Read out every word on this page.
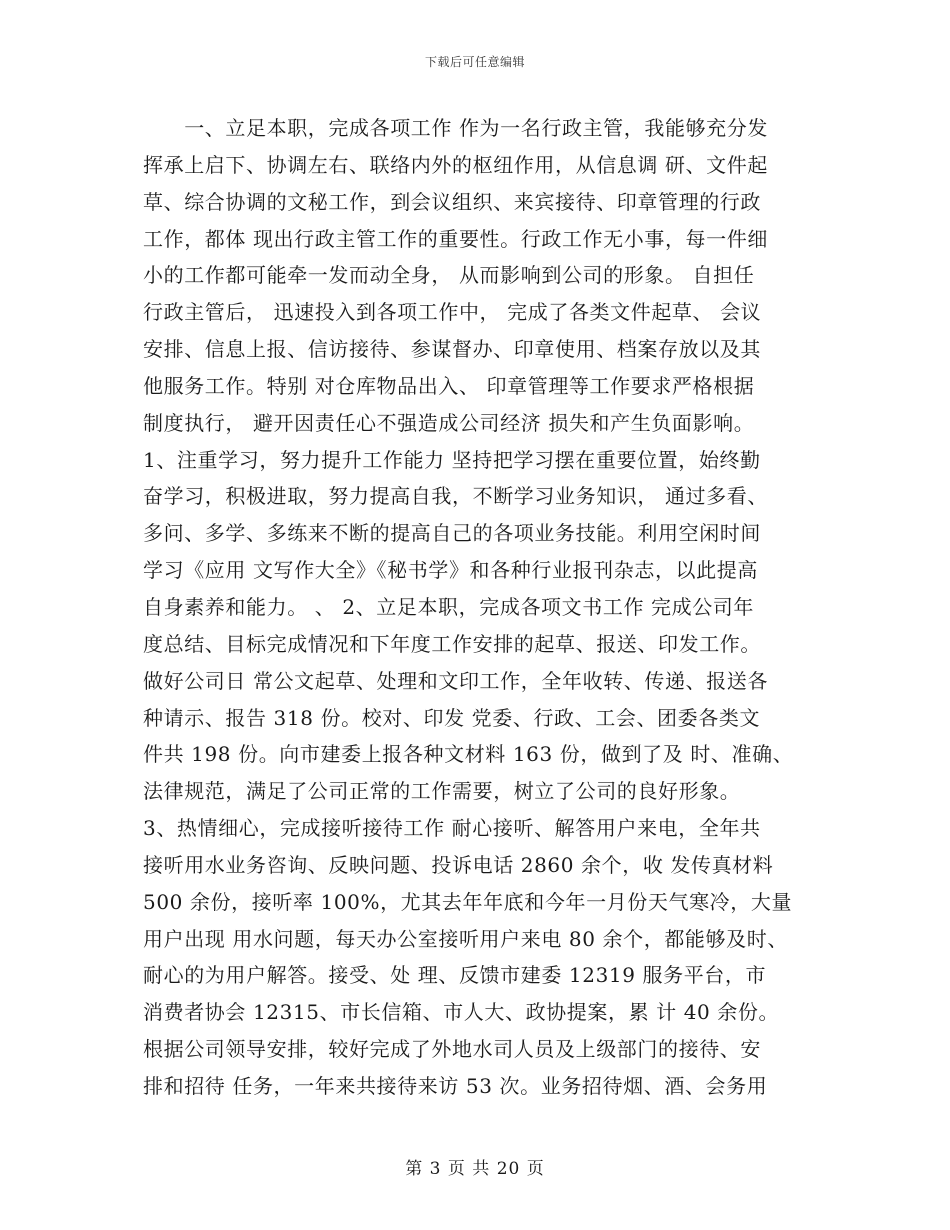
下载后可任意编辑
　　一、立足本职，完成各项工作 作为一名行政主管，我能够充分发
挥承上启下、协调左右、联络内外的枢纽作用，从信息调 研、文件起
草、综合协调的文秘工作，到会议组织、来宾接待、印章管理的行政
工作，都体 现出行政主管工作的重要性。行政工作无小事，每一件细
小的工作都可能牵一发而动全身， 从而影响到公司的形象。 自担任
行政主管后， 迅速投入到各项工作中， 完成了各类文件起草、 会议
安排、信息上报、信访接待、参谋督办、印章使用、档案存放以及其
他服务工作。特别 对仓库物品出入、 印章管理等工作要求严格根据
制度执行， 避开因责任心不强造成公司经济 损失和产生负面影响。
1、注重学习，努力提升工作能力 坚持把学习摆在重要位置，始终勤
奋学习，积极进取，努力提高自我，不断学习业务知识， 通过多看、
多问、多学、多练来不断的提高自己的各项业务技能。利用空闲时间
学习《应用 文写作大全》《秘书学》和各种行业报刊杂志，以此提高
自身素养和能力。 、 2、立足本职，完成各项文书工作 完成公司年
度总结、目标完成情况和下年度工作安排的起草、报送、印发工作。
做好公司日 常公文起草、处理和文印工作，全年收转、传递、报送各
种请示、报告 318 份。校对、印发 党委、行政、工会、团委各类文
件共 198 份。向市建委上报各种文材料 163 份，做到了及 时、准确、
法律规范，满足了公司正常的工作需要，树立了公司的良好形象。
3、热情细心，完成接听接待工作 耐心接听、解答用户来电，全年共
接听用水业务咨询、反映问题、投诉电话 2860 余个，收 发传真材料
500 余份，接听率 100%，尤其去年年底和今年一月份天气寒冷，大量
用户出现 用水问题，每天办公室接听用户来电 80 余个，都能够及时、
耐心的为用户解答。接受、处 理、反馈市建委 12319 服务平台，市
消费者协会 12315、市长信箱、市人大、政协提案，累 计 40 余份。
根据公司领导安排，较好完成了外地水司人员及上级部门的接待、安
排和招待 任务，一年来共接待来访 53 次。业务招待烟、酒、会务用
第 3 页 共 20 页
